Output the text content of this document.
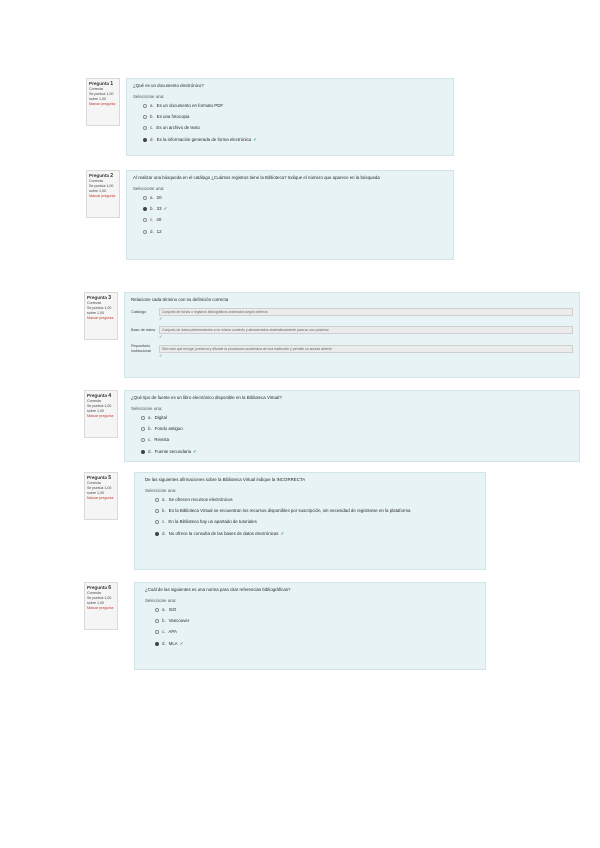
Pregunta 1
Correcta
Se puntúa 1,00 sobre 1,00
Marcar pregunta
¿Qué es un documento electrónico?
Seleccione una:
a. Es un documento en formato PDF
b. Es una fotocopia
c. Es un archivo de texto
d. Es la información generada de forma electrónica ✓
Pregunta 2
Correcta
Se puntúa 1,00 sobre 1,00
Marcar pregunta
Al realizar una búsqueda en el catálogo ¿Cuántos registros tiene la Biblioteca? Indique el número que aparece en la búsqueda
Seleccione una:
a. 20
b. 33 ✓
c. 40
d. 12
Pregunta 3
Correcta
Se puntúa 1,00 sobre 1,00
Marcar pregunta
Relacione cada término con su definición correcta
Catálogo	Conjunto de fichas o registros bibliográficos ordenados según criterios
✓
Base de datos	Conjunto de datos pertenecientes a un mismo contexto y almacenados sistemáticamente para su uso posterior
✓
Repositorio institucional	Sitio web que recoge, preserva y difunde la producción académica de una institución y permite su acceso abierto
✓
Pregunta 4
Correcta
Se puntúa 1,00 sobre 1,00
Marcar pregunta
¿Qué tipo de fuente es un libro electrónico disponible en la Biblioteca Virtual?
Seleccione una:
a. Digital
b. Fondo antiguo
c. Revista
d. Fuente secundaria ✓
Pregunta 5
Correcta
Se puntúa 1,00 sobre 1,00
Marcar pregunta
De las siguientes afirmaciones sobre la Biblioteca Virtual indique la INCORRECTA
Seleccione una:
a. Se ofrecen recursos electrónicos
b. En la Biblioteca Virtual se encuentran los recursos disponibles por suscripción, sin necesidad de registrarse en la plataforma
c. En la Biblioteca hay un apartado de tutoriales
d. No ofrece la consulta de las bases de datos electrónicas ✓
Pregunta 6
Correcta
Se puntúa 1,00 sobre 1,00
Marcar pregunta
¿Cuál de las siguientes es una norma para citar referencias bibliográficas?
Seleccione una:
a. ISO
b. Vancouver
c. APA
d. MLA ✓
